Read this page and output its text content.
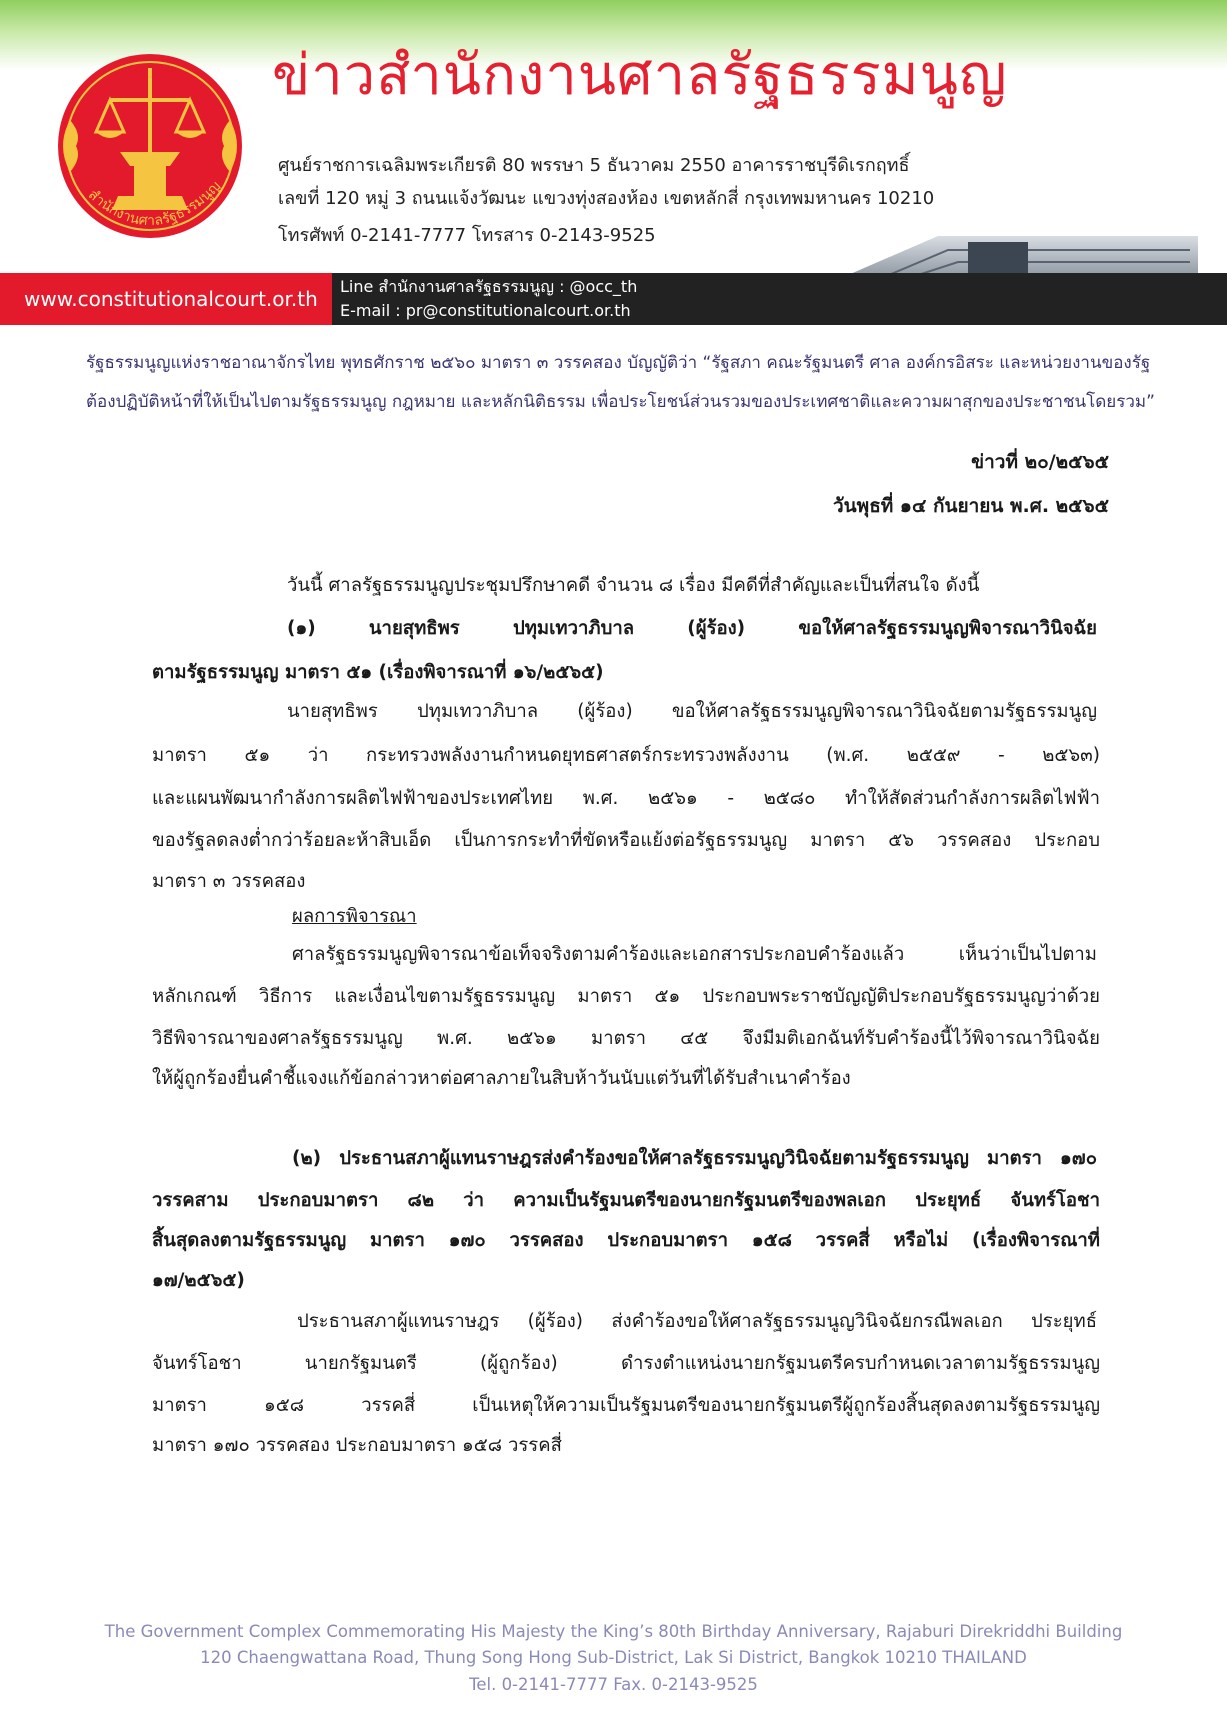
สำนักงานศาลรัฐธรรมนูญ
ข่าวสำนักงานศาลรัฐธรรมนูญ
ศูนย์ราชการเฉลิมพระเกียรติ 80 พรรษา 5 ธันวาคม 2550 อาคารราชบุรีดิเรกฤทธิ์
เลขที่ 120 หมู่ 3 ถนนแจ้งวัฒนะ แขวงทุ่งสองห้อง เขตหลักสี่ กรุงเทพมหานคร 10210
โทรศัพท์ 0-2141-7777 โทรสาร 0-2143-9525
www.constitutionalcourt.or.th
Line สำนักงานศาลรัฐธรรมนูญ : @occ_th
E-mail : pr@constitutionalcourt.or.th
รัฐธรรมนูญแห่งราชอาณาจักรไทย พุทธศักราช ๒๕๖๐ มาตรา ๓ วรรคสอง บัญญัติว่า “รัฐสภา คณะรัฐมนตรี ศาล องค์กรอิสระ และหน่วยงานของรัฐ
ต้องปฏิบัติหน้าที่ให้เป็นไปตามรัฐธรรมนูญ กฎหมาย และหลักนิติธรรม เพื่อประโยชน์ส่วนรวมของประเทศชาติและความผาสุกของประชาชนโดยรวม”
ข่าวที่ ๒๐/๒๕๖๕
วันพุธที่ ๑๔ กันยายน พ.ศ. ๒๕๖๕
วันนี้ ศาลรัฐธรรมนูญประชุมปรึกษาคดี จำนวน ๘ เรื่อง มีคดีที่สำคัญและเป็นที่สนใจ ดังนี้
(๑) นายสุทธิพร ปทุมเทวาภิบาล (ผู้ร้อง) ขอให้ศาลรัฐธรรมนูญพิจารณาวินิจฉัย
ตามรัฐธรรมนูญ มาตรา ๕๑ (เรื่องพิจารณาที่ ๑๖/๒๕๖๕)
นายสุทธิพร ปทุมเทวาภิบาล (ผู้ร้อง) ขอให้ศาลรัฐธรรมนูญพิจารณาวินิจฉัยตามรัฐธรรมนูญ
มาตรา ๕๑ ว่า กระทรวงพลังงานกำหนดยุทธศาสตร์กระทรวงพลังงาน (พ.ศ. ๒๕๕๙ - ๒๕๖๓)
และแผนพัฒนากำลังการผลิตไฟฟ้าของประเทศไทย พ.ศ. ๒๕๖๑ - ๒๕๘๐ ทำให้สัดส่วนกำลังการผลิตไฟฟ้า
ของรัฐลดลงต่ำกว่าร้อยละห้าสิบเอ็ด เป็นการกระทำที่ขัดหรือแย้งต่อรัฐธรรมนูญ มาตรา ๕๖ วรรคสอง ประกอบ
มาตรา ๓ วรรคสอง
ผลการพิจารณา
ศาลรัฐธรรมนูญพิจารณาข้อเท็จจริงตามคำร้องและเอกสารประกอบคำร้องแล้ว เห็นว่าเป็นไปตาม
หลักเกณฑ์ วิธีการ และเงื่อนไขตามรัฐธรรมนูญ มาตรา ๕๑ ประกอบพระราชบัญญัติประกอบรัฐธรรมนูญว่าด้วย
วิธีพิจารณาของศาลรัฐธรรมนูญ พ.ศ. ๒๕๖๑ มาตรา ๔๕ จึงมีมติเอกฉันท์รับคำร้องนี้ไว้พิจารณาวินิจฉัย
ให้ผู้ถูกร้องยื่นคำชี้แจงแก้ข้อกล่าวหาต่อศาลภายในสิบห้าวันนับแต่วันที่ได้รับสำเนาคำร้อง
(๒) ประธานสภาผู้แทนราษฎรส่งคำร้องขอให้ศาลรัฐธรรมนูญวินิจฉัยตามรัฐธรรมนูญ มาตรา ๑๗๐
วรรคสาม ประกอบมาตรา ๘๒ ว่า ความเป็นรัฐมนตรีของนายกรัฐมนตรีของพลเอก ประยุทธ์ จันทร์โอชา
สิ้นสุดลงตามรัฐธรรมนูญ มาตรา ๑๗๐ วรรคสอง ประกอบมาตรา ๑๕๘ วรรคสี่ หรือไม่ (เรื่องพิจารณาที่
๑๗/๒๕๖๕)
ประธานสภาผู้แทนราษฎร (ผู้ร้อง) ส่งคำร้องขอให้ศาลรัฐธรรมนูญวินิจฉัยกรณีพลเอก ประยุทธ์
จันทร์โอชา นายกรัฐมนตรี (ผู้ถูกร้อง) ดำรงตำแหน่งนายกรัฐมนตรีครบกำหนดเวลาตามรัฐธรรมนูญ
มาตรา ๑๕๘ วรรคสี่ เป็นเหตุให้ความเป็นรัฐมนตรีของนายกรัฐมนตรีผู้ถูกร้องสิ้นสุดลงตามรัฐธรรมนูญ
มาตรา ๑๗๐ วรรคสอง ประกอบมาตรา ๑๕๘ วรรคสี่
The Government Complex Commemorating His Majesty the King’s 80th Birthday Anniversary, Rajaburi Direkriddhi Building
120 Chaengwattana Road, Thung Song Hong Sub-District, Lak Si District, Bangkok 10210 THAILAND
Tel. 0-2141-7777 Fax. 0-2143-9525
